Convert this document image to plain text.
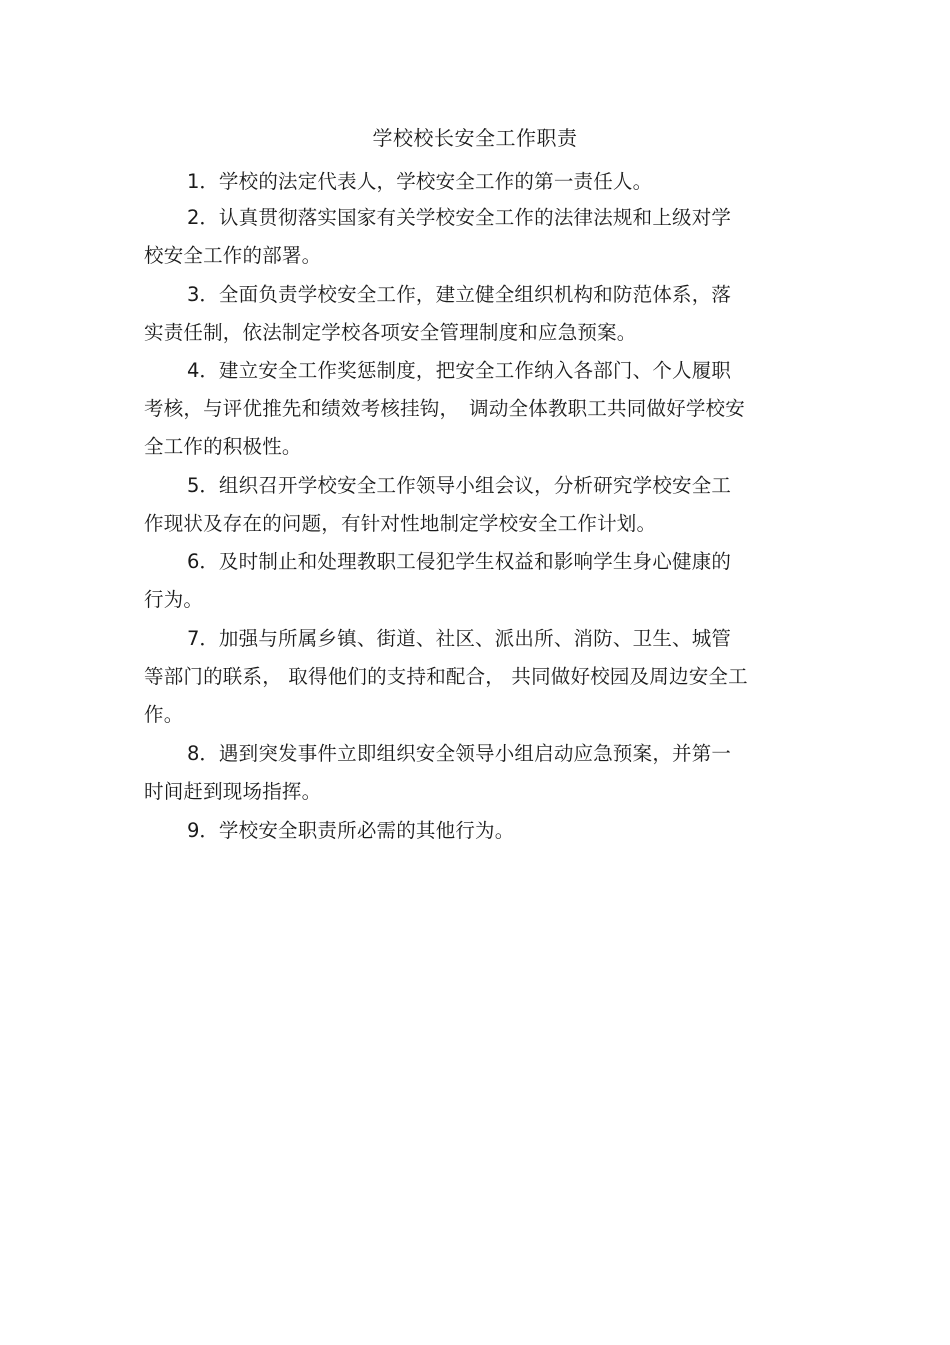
学校校长安全工作职责
1．学校的法定代表人，学校安全工作的第一责任人。
2．认真贯彻落实国家有关学校安全工作的法律法规和上级对学
校安全工作的部署。
3．全面负责学校安全工作，建立健全组织机构和防范体系，落
实责任制，依法制定学校各项安全管理制度和应急预案。
4．建立安全工作奖惩制度，把安全工作纳入各部门、个人履职
考核，与评优推先和绩效考核挂钩，　调动全体教职工共同做好学校安
全工作的积极性。
5．组织召开学校安全工作领导小组会议，分析研究学校安全工
作现状及存在的问题，有针对性地制定学校安全工作计划。
6．及时制止和处理教职工侵犯学生权益和影响学生身心健康的
行为。
7．加强与所属乡镇、街道、社区、派出所、消防、卫生、城管
等部门的联系， 取得他们的支持和配合， 共同做好校园及周边安全工
作。
8．遇到突发事件立即组织安全领导小组启动应急预案，并第一
时间赶到现场指挥。
9．学校安全职责所必需的其他行为。
